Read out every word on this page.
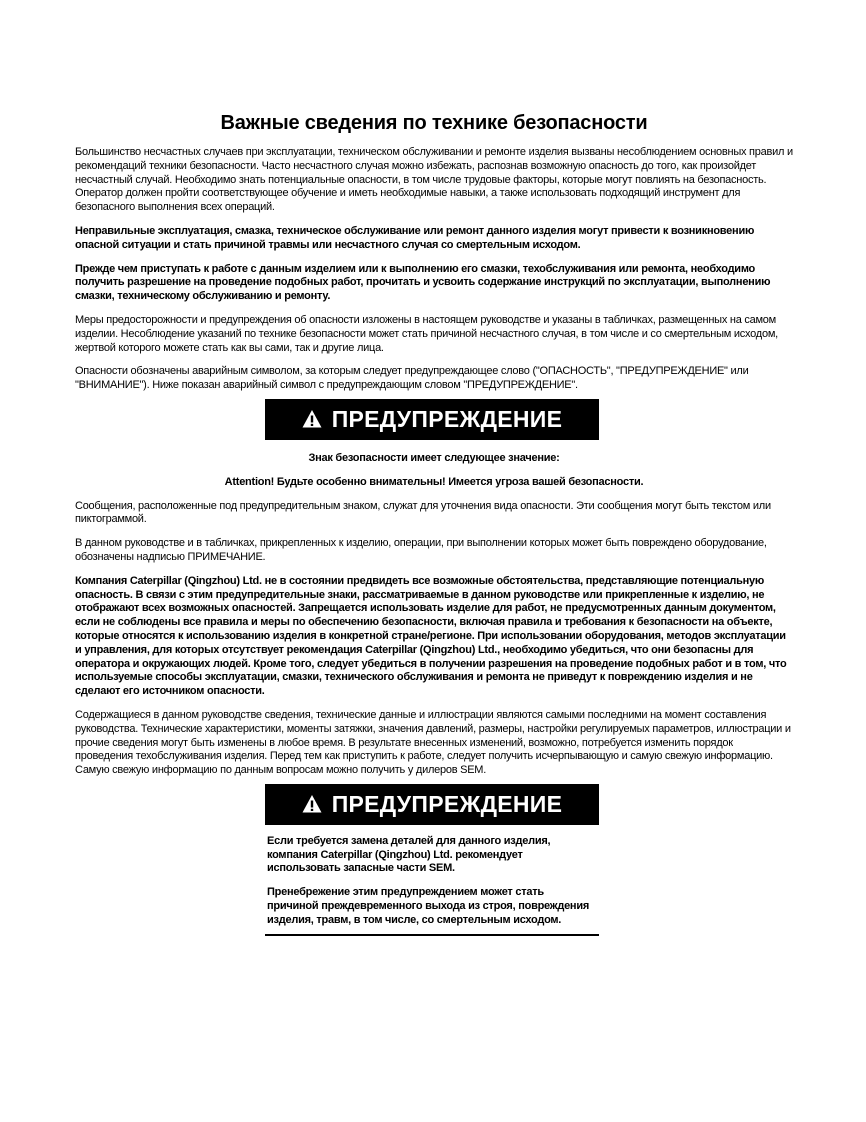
Важные сведения по технике безопасности

Большинство несчастных случаев при эксплуатации, техническом обслуживании и ремонте изделия вызваны несоблюдением основных правил и рекомендаций техники безопасности. Часто несчастного случая можно избежать, распознав возможную опасность до того, как произойдет несчастный случай. Необходимо знать потенциальные опасности, в том числе трудовые факторы, которые могут повлиять на безопасность. Оператор должен пройти соответствующее обучение и иметь необходимые навыки, а также использовать подходящий инструмент для безопасного выполнения всех операций.

Неправильные эксплуатация, смазка, техническое обслуживание или ремонт данного изделия могут привести к возникновению опасной ситуации и стать причиной травмы или несчастного случая со смертельным исходом.

Прежде чем приступать к работе с данным изделием или к выполнению его смазки, техобслуживания или ремонта, необходимо получить разрешение на проведение подобных работ, прочитать и усвоить содержание инструкций по эксплуатации, выполнению смазки, техническому обслуживанию и ремонту.

Меры предосторожности и предупреждения об опасности изложены в настоящем руководстве и указаны в табличках, размещенных на самом изделии. Несоблюдение указаний по технике безопасности может стать причиной несчастного случая, в том числе и со смертельным исходом, жертвой которого можете стать как вы сами, так и другие лица.

Опасности обозначены аварийным символом, за которым следует предупреждающее слово ("ОПАСНОСТЬ", "ПРЕДУПРЕЖДЕНИЕ" или "ВНИМАНИЕ"). Ниже показан аварийный символ с предупреждающим словом "ПРЕДУПРЕЖДЕНИЕ".

ПРЕДУПРЕЖДЕНИЕ

Знак безопасности имеет следующее значение:

Attention! Будьте особенно внимательны! Имеется угроза вашей безопасности.

Сообщения, расположенные под предупредительным знаком, служат для уточнения вида опасности. Эти сообщения могут быть текстом или пиктограммой.

В данном руководстве и в табличках, прикрепленных к изделию, операции, при выполнении которых может быть повреждено оборудование, обозначены надписью ПРИМЕЧАНИЕ.

Компания Caterpillar (Qingzhou) Ltd. не в состоянии предвидеть все возможные обстоятельства, представляющие потенциальную опасность. В связи с этим предупредительные знаки, рассматриваемые в данном руководстве или прикрепленные к изделию, не отображают всех возможных опасностей. Запрещается использовать изделие для работ, не предусмотренных данным документом, если не соблюдены все правила и меры по обеспечению безопасности, включая правила и требования к безопасности на объекте, которые относятся к использованию изделия в конкретной стране/регионе. При использовании оборудования, методов эксплуатации и управления, для которых отсутствует рекомендация Caterpillar (Qingzhou) Ltd., необходимо убедиться, что они безопасны для оператора и окружающих людей. Кроме того, следует убедиться в получении разрешения на проведение подобных работ и в том, что используемые способы эксплуатации, смазки, технического обслуживания и ремонта не приведут к повреждению изделия и не сделают его источником опасности.

Содержащиеся в данном руководстве сведения, технические данные и иллюстрации являются самыми последними на момент составления руководства. Технические характеристики, моменты затяжки, значения давлений, размеры, настройки регулируемых параметров, иллюстрации и прочие сведения могут быть изменены в любое время. В результате внесенных изменений, возможно, потребуется изменить порядок проведения техобслуживания изделия. Перед тем как приступить к работе, следует получить исчерпывающую и самую свежую информацию. Самую свежую информацию по данным вопросам можно получить у дилеров SEM.

ПРЕДУПРЕЖДЕНИЕ

Если требуется замена деталей для данного изделия, компания Caterpillar (Qingzhou) Ltd. рекомендует использовать запасные части SEM.

Пренебрежение этим предупреждением может стать причиной преждевременного выхода из строя, повреждения изделия, травм, в том числе, со смертельным исходом.
